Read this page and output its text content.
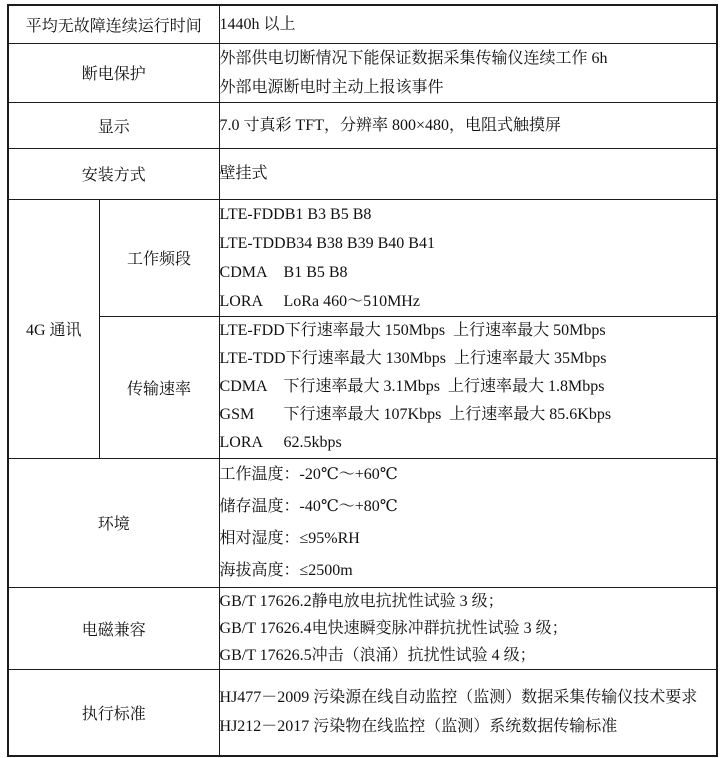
平均无故障连续运行时间		1440h 以上

断电保护		外部供电切断情况下能保证数据采集传输仪连续工作 6h
外部电源断电时主动上报该事件

显示		7.0 寸真彩 TFT，分辨率 800×480，电阻式触摸屏

安装方式		壁挂式

4G 通讯	工作频段	LTE-FDDB1 B3 B5 B8
LTE-TDDB34 B38 B39 B40 B41
CDMA B1 B5 B8
LORA LoRa 460～510MHz

	传输速率	LTE-FDD下行速率最大 150Mbps  上行速率最大 50Mbps
LTE-TDD下行速率最大 130Mbps  上行速率最大 35Mbps
CDMA 下行速率最大 3.1Mbps  上行速率最大 1.8Mbps
GSM 下行速率最大 107Kbps  上行速率最大 85.6Kbps
LORA 62.5kbps

环境		工作温度：-20℃～+60℃
储存温度：-40℃～+80℃
相对湿度：≤95%RH
海拔高度：≤2500m

电磁兼容		GB/T 17626.2静电放电抗扰性试验 3 级；
GB/T 17626.4电快速瞬变脉冲群抗扰性试验 3 级；
GB/T 17626.5冲击（浪涌）抗扰性试验 4 级；

执行标准		HJ477－2009 污染源在线自动监控（监测）数据采集传输仪技术要求
HJ212－2017 污染物在线监控（监测）系统数据传输标准
